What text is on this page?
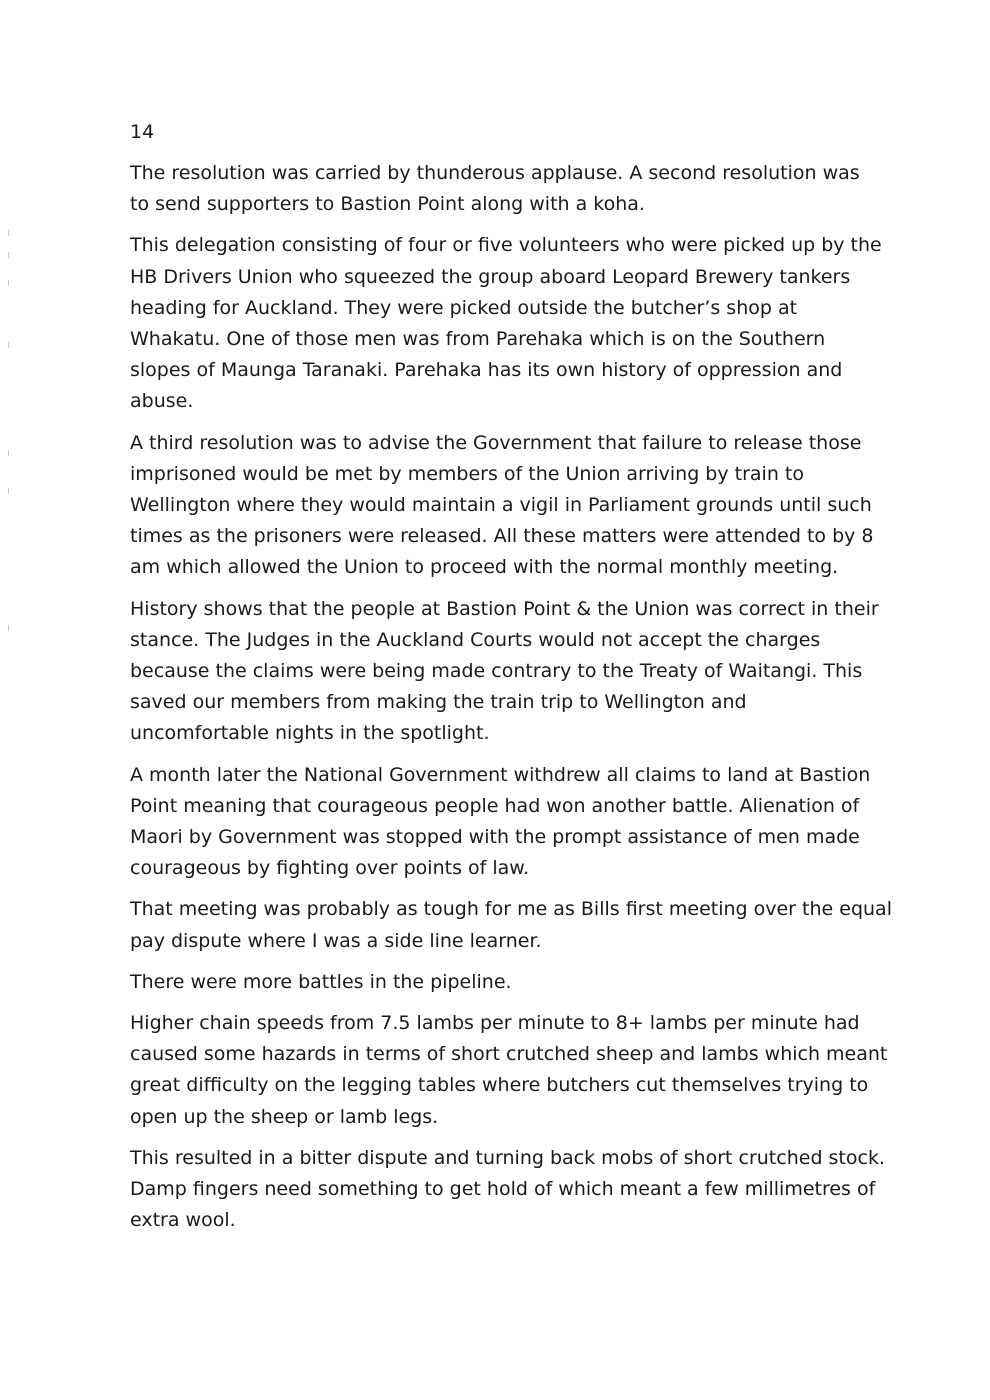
14

The resolution was carried by thunderous applause. A second resolution was
to send supporters to Bastion Point along with a koha.

This delegation consisting of four or five volunteers who were picked up by the
HB Drivers Union who squeezed the group aboard Leopard Brewery tankers
heading for Auckland. They were picked outside the butcher’s shop at
Whakatu. One of those men was from Parehaka which is on the Southern
slopes of Maunga Taranaki. Parehaka has its own history of oppression and
abuse.

A third resolution was to advise the Government that failure to release those
imprisoned would be met by members of the Union arriving by train to
Wellington where they would maintain a vigil in Parliament grounds until such
times as the prisoners were released. All these matters were attended to by 8
am which allowed the Union to proceed with the normal monthly meeting.

History shows that the people at Bastion Point & the Union was correct in their
stance. The Judges in the Auckland Courts would not accept the charges
because the claims were being made contrary to the Treaty of Waitangi. This
saved our members from making the train trip to Wellington and
uncomfortable nights in the spotlight.

A month later the National Government withdrew all claims to land at Bastion
Point meaning that courageous people had won another battle. Alienation of
Maori by Government was stopped with the prompt assistance of men made
courageous by fighting over points of law.

That meeting was probably as tough for me as Bills first meeting over the equal
pay dispute where I was a side line learner.

There were more battles in the pipeline.

Higher chain speeds from 7.5 lambs per minute to 8+ lambs per minute had
caused some hazards in terms of short crutched sheep and lambs which meant
great difficulty on the legging tables where butchers cut themselves trying to
open up the sheep or lamb legs.

This resulted in a bitter dispute and turning back mobs of short crutched stock.
Damp fingers need something to get hold of which meant a few millimetres of
extra wool.
